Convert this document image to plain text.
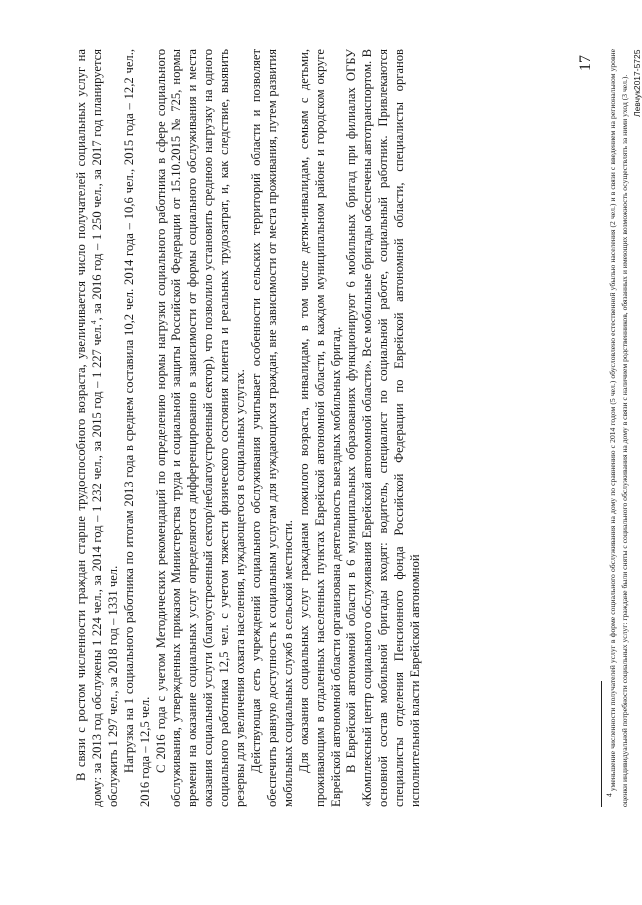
17

В связи с ростом численности граждан старше трудоспособного возраста, увеличивается число получателей социальных услуг на дому: за 2013 год обслужены 1 224 чел., за 2014 год – 1 232 чел., за 2015 год – 1 227 чел.$^4$, за 2016 год – 1 250 чел., за 2017 год планируется обслужить 1 297 чел., за 2018 год – 1331 чел. Нагрузка на 1 социального работника по итогам 2013 года в среднем составила 10,2 чел. 2014 года – 10,6 чел., 2015 года – 12,2 чел., 2016 года – 12,5 чел. С 2016 года с учетом Методических рекомендаций по определению нормы нагрузки социального работника в сфере социального обслуживания, утвержденных приказом Министерства труда и социальной защиты Российской Федерации от 15.10.2015 № 725, нормы времени на оказание социальных услуг определяются дифференцированно в зависимости от формы социального обслуживания и места оказания социальной услуги (благоустроенный сектор/неблагоустроенный сектор), что позволило установить среднюю нагрузку на одного социального работника 12,5 чел. с учетом тяжести физического состояния клиента и реальных трудозатрат, и, как следствие, выявить резервы для увеличения охвата населения, нуждающегося в социальных услугах. Действующая сеть учреждений социального обслуживания учитывает особенности сельских территорий области и позволяет обеспечить равную доступность к социальным услугам для нуждающихся граждан, вне зависимости от места проживания, путем развития мобильных социальных служб в сельской местности. Для оказания социальных услуг гражданам пожилого возраста, инвалидам, в том числе детям-инвалидам, семьям с детьми, проживающим в отдаленных населенных пунктах Еврейской автономной области, в каждом муниципальном районе и городском округе Еврейской автономной области организована деятельность выездных мобильных бригад. В Еврейской автономной области в 6 муниципальных образованиях функционируют 6 мобильных бригад при филиалах ОГБУ «Комплексный центр социального обслуживания Еврейской автономной области». Все мобильные бригады обеспечены автотранспортом. В основной состав мобильной бригады входят: водитель, специалист по социальной работе, социальный работник. Привлекаются специалисты отделения Пенсионного фонда Российской Федерации по Еврейской автономной области, специалисты органов исполнительной власти Еврейской автономной	$^4$ уменьшение численности получателей услуг в форме социального обслуживания на дому по сравнению с 2014 годом (5 чел.) обусловлено естественной убылью населения (2 чел.) и в связи с введением на региональном уровне оценки индивидуальной потребности социальных услуг: граждане были сняты с социального обслуживания на дому в связи с наличием родственников, обязанных и имеющих возможность осуществлять за ними уход (3 чел.). Левчук2017-5725
